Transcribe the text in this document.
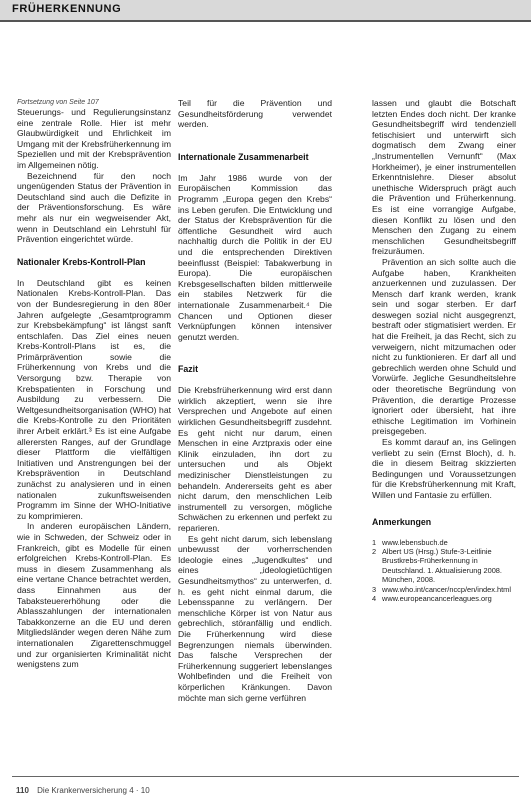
FRÜHERKENNUNG
Fortsetzung von Seite 107

Steuerungs- und Regulierungsinstanz eine zentrale Rolle. Hier ist mehr Glaubwürdigkeit und Ehrlichkeit im Umgang mit der Krebsfrüherkennung im Speziellen und mit der Krebsprävention im Allgemeinen nötig.

Bezeichnend für den noch ungenügenden Status der Prävention in Deutschland sind auch die Defizite in der Präventionsforschung. Es wäre mehr als nur ein wegweisender Akt, wenn in Deutschland ein Lehrstuhl für Prävention eingerichtet würde.

Nationaler Krebs-Kontroll-Plan

In Deutschland gibt es keinen Nationalen Krebs-Kontroll-Plan. Das von der Bundesregierung in den 80er Jahren aufgelegte „Gesamtprogramm zur Krebsbekämpfung“ ist längst sanft entschlafen. Das Ziel eines neuen Krebs-Kontroll-Plans ist es, die Primärprävention sowie die Früherkennung von Krebs und die Versorgung bzw. Therapie von Krebspatienten in Forschung und Ausbildung zu verbessern. Die Weltgesundheitsorganisation (WHO) hat die Krebs-Kontrolle zu den Prioritäten ihrer Arbeit erklärt.³ Es ist eine Aufgabe allerersten Ranges, auf der Grundlage dieser Plattform die vielfältigen Initiativen und Anstrengungen bei der Krebsprävention in Deutschland zunächst zu analysieren und in einen nationalen zukunftsweisenden Programm im Sinne der WHO-Initiative zu komprimieren.

In anderen europäischen Ländern, wie in Schweden, der Schweiz oder in Frankreich, gibt es Modelle für einen erfolgreichen Krebs-Kontroll-Plan. Es muss in diesem Zusammenhang als eine vertane Chance betrachtet werden, dass Einnahmen aus der Tabaksteuererhöhung oder die Ablasszahlungen der internationalen Tabakkonzerne an die EU und deren Mitgliedsländer wegen deren Nähe zum internationalen Zigarettenschmuggel und zur organisierten Kriminalität nicht wenigstens zum

Teil für die Prävention und Gesundheitsförderung verwendet werden.

Internationale Zusammenarbeit

Im Jahr 1986 wurde von der Europäischen Kommission das Programm „Europa gegen den Krebs“ ins Leben gerufen. Die Entwicklung und der Status der Krebsprävention für die öffentliche Gesundheit wird auch nachhaltig durch die Politik in der EU und die entsprechenden Direktiven beeinflusst (Beispiel: Tabakwerbung in Europa). Die europäischen Krebsgesellschaften bilden mittlerweile ein stabiles Netzwerk für die internationale Zusammenarbeit.⁴ Die Chancen und Optionen dieser Verknüpfungen können intensiver genutzt werden.

Fazit

Die Krebsfrüherkennung wird erst dann wirklich akzeptiert, wenn sie ihre Versprechen und Angebote auf einen wirklichen Gesundheitsbegriff zusdehnt. Es geht nicht nur darum, einen Menschen in eine Arztpraxis oder eine Klinik einzuladen, ihn dort zu untersuchen und als Objekt medizinischer Dienstleistungen zu behandeln. Andererseits geht es aber nicht darum, den menschlichen Leib instrumentell zu versorgen, mögliche Schwächen zu erkennen und perfekt zu reparieren.

Es geht nicht darum, sich lebenslang unbewusst der vorherrschenden Ideologie eines „Jugendkultes“ und eines „ideologietüchtigen Gesundheitsmythos“ zu unterwerfen, d. h. es geht nicht einmal darum, die Lebensspanne zu verlängern. Der menschliche Körper ist von Natur aus gebrechlich, störanfällig und endlich. Die Früherkennung wird diese Begrenzungen niemals überwinden. Das falsche Versprechen der Früherkennung suggeriert lebenslanges Wohlbefinden und die Freiheit von körperlichen Kränkungen. Davon möchte man sich gerne verführen

lassen und glaubt die Botschaft letzten Endes doch nicht. Der kranke Gesundheitsbegriff wird tendenziell fetischisiert und unterwirft sich dogmatisch dem Zwang einer „Instrumentellen Vernunft“ (Max Horkheimer), je einer instrumentellen Erkenntnislehre. Dieser absolut unethische Widerspruch prägt auch die Prävention und Früherkennung. Es ist eine vorrangige Aufgabe, diesen Konflikt zu lösen und den Menschen den Zugang zu einem menschlichen Gesundheitsbegriff freizuräumen.

Prävention an sich sollte auch die Aufgabe haben, Krankheiten anzuerkennen und zuzulassen. Der Mensch darf krank werden, krank sein und sogar sterben. Er darf deswegen sozial nicht ausgegrenzt, bestraft oder stigmatisiert werden. Er hat die Freiheit, ja das Recht, sich zu verweigern, nicht mitzumachen oder nicht zu funktionieren. Er darf all und gebrechlich werden ohne Schuld und Vorwürfe. Jegliche Gesundheitslehre oder theoretische Begründung von Prävention, die derartige Prozesse ignoriert oder übersieht, hat ihre ethische Legitimation im Vorhinein preisgegeben.

Es kommt darauf an, ins Gelingen verliebt zu sein (Ernst Bloch), d. h. die in diesem Beitrag skizzierten Bedingungen und Voraussetzungen für die Krebsfrüherkennung mit Kraft, Willen und Fantasie zu erfüllen.

Anmerkungen
1 www.lebensbuch.de
2 Albert US (Hrsg.) Stufe-3-Leitlinie Brustkrebs-Früherkennung in Deutschland. 1. Aktualisierung 2008. München, 2008.
3 www.who.int/cancer/nccp/en/index.html
4 www.europeancancerleagues.org
110 Die Krankenversicherung 4 · 10
